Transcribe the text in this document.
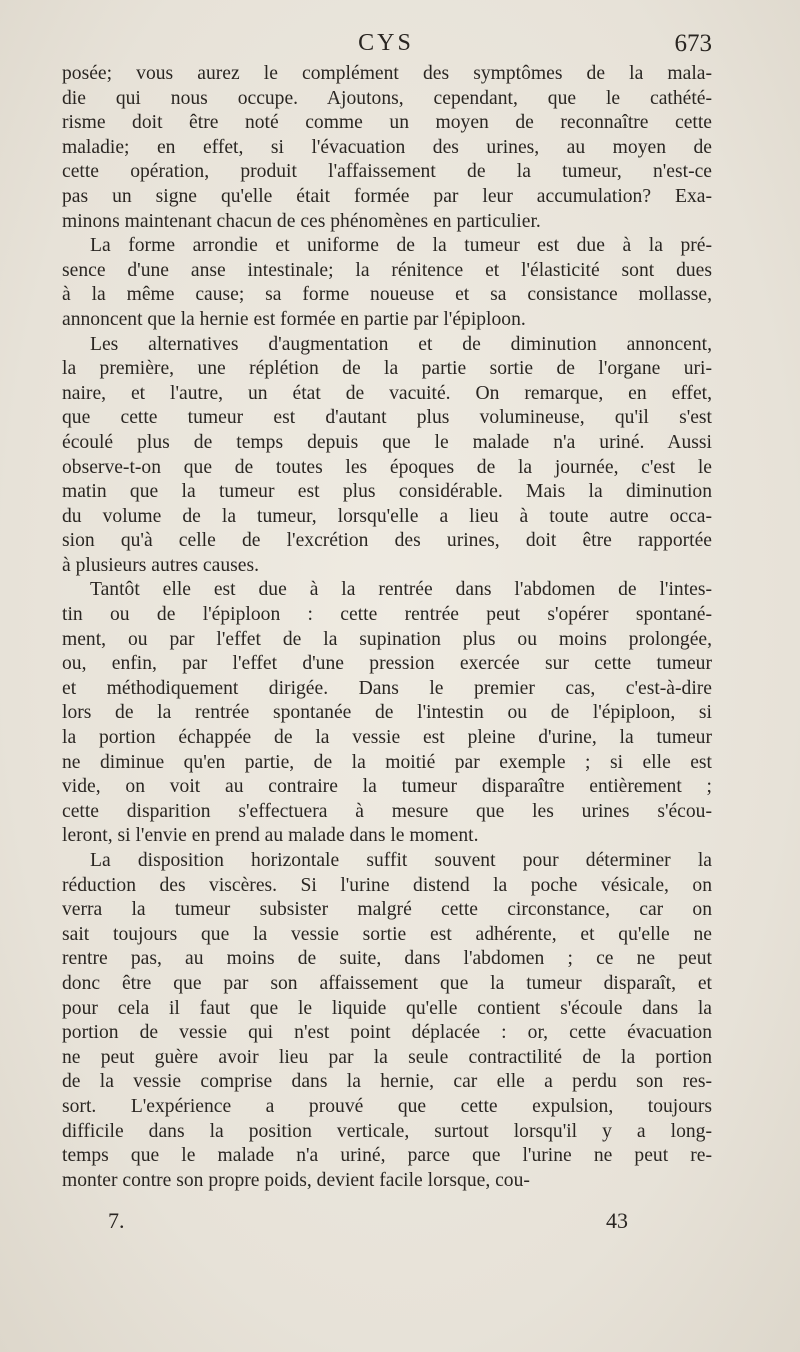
CYS	673
posée; vous aurez le complément des symptômes de la mala-
die qui nous occupe. Ajoutons, cependant, que le cathété-
risme doit être noté comme un moyen de reconnaître cette
maladie; en effet, si l'évacuation des urines, au moyen de
cette opération, produit l'affaissement de la tumeur, n'est-ce
pas un signe qu'elle était formée par leur accumulation? Exa-
minons maintenant chacun de ces phénomènes en particulier.
La forme arrondie et uniforme de la tumeur est due à la pré-
sence d'une anse intestinale; la rénitence et l'élasticité sont dues
à la même cause; sa forme noueuse et sa consistance mollasse,
annoncent que la hernie est formée en partie par l'épiploon.
Les alternatives d'augmentation et de diminution annoncent,
la première, une réplétion de la partie sortie de l'organe uri-
naire, et l'autre, un état de vacuité. On remarque, en effet,
que cette tumeur est d'autant plus volumineuse, qu'il s'est
écoulé plus de temps depuis que le malade n'a uriné. Aussi
observe-t-on que de toutes les époques de la journée, c'est le
matin que la tumeur est plus considérable. Mais la diminution
du volume de la tumeur, lorsqu'elle a lieu à toute autre occa-
sion qu'à celle de l'excrétion des urines, doit être rapportée
à plusieurs autres causes.
Tantôt elle est due à la rentrée dans l'abdomen de l'intes-
tin ou de l'épiploon : cette rentrée peut s'opérer spontané-
ment, ou par l'effet de la supination plus ou moins prolongée,
ou, enfin, par l'effet d'une pression exercée sur cette tumeur
et méthodiquement dirigée. Dans le premier cas, c'est-à-dire
lors de la rentrée spontanée de l'intestin ou de l'épiploon, si
la portion échappée de la vessie est pleine d'urine, la tumeur
ne diminue qu'en partie, de la moitié par exemple ; si elle est
vide, on voit au contraire la tumeur disparaître entièrement ;
cette disparition s'effectuera à mesure que les urines s'écou-
leront, si l'envie en prend au malade dans le moment.
La disposition horizontale suffit souvent pour déterminer la
réduction des viscères. Si l'urine distend la poche vésicale, on
verra la tumeur subsister malgré cette circonstance, car on
sait toujours que la vessie sortie est adhérente, et qu'elle ne
rentre pas, au moins de suite, dans l'abdomen ; ce ne peut
donc être que par son affaissement que la tumeur disparaît, et
pour cela il faut que le liquide qu'elle contient s'écoule dans la
portion de vessie qui n'est point déplacée : or, cette évacuation
ne peut guère avoir lieu par la seule contractilité de la portion
de la vessie comprise dans la hernie, car elle a perdu son res-
sort. L'expérience a prouvé que cette expulsion, toujours
difficile dans la position verticale, surtout lorsqu'il y a long-
temps que le malade n'a uriné, parce que l'urine ne peut re-
monter contre son propre poids, devient facile lorsque, cou-
7.	43
